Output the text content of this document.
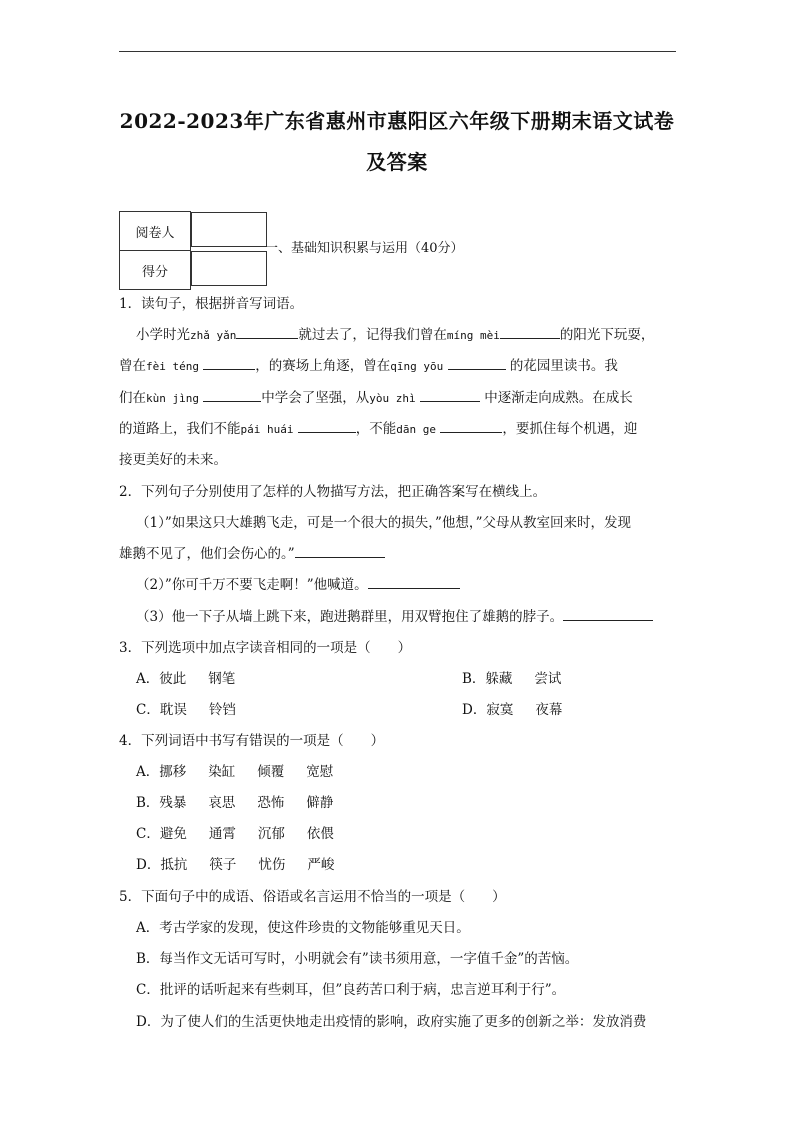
2022-2023年广东省惠州市惠阳区六年级下册期末语文试卷
及答案
阅卷人	
得分	
一、基础知识积累与运用（40分）
1．读句子，根据拼音写词语。
小学时光zhǎ yǎn	就过去了，记得我们曾在míng mèi	的阳光下玩耍，
曾在fèi téng	，的赛场上角逐，曾在qīng yōu	的花园里读书。我
们在kùn jìng	中学会了坚强，从yòu zhì	中逐渐走向成熟。在成长
的道路上，我们不能pái huái	，不能dān ge	，要抓住每个机遇，迎
接更美好的未来。
2．下列句子分别使用了怎样的人物描写方法，把正确答案写在横线上。
（1）”如果这只大雄鹅飞走，可是一个很大的损失，”他想，”父母从教室回来时，发现
雄鹅不见了，他们会伤心的。”
（2）”你可千万不要飞走啊！”他喊道。
（3）他一下子从墙上跳下来，跑进鹅群里，用双臂抱住了雄鹅的脖子。
3．下列选项中加点字读音相同的一项是（　　）
A．彼此 钢笔	B．躲藏 尝试
C．耽误 铃铛	D．寂寞 夜幕
4．下列词语中书写有错误的一项是（　　）
A．挪移 染缸 倾覆 宽慰
B．残暴 哀思 恐怖 僻静
C．避免 通霄 沉郁 依偎
D．抵抗 筷子 忧伤 严峻
5．下面句子中的成语、俗语或名言运用不恰当的一项是（　　）
A．考古学家的发现，使这件珍贵的文物能够重见天日。
B．每当作文无话可写时，小明就会有”读书须用意，一字值千金”的苦恼。
C．批评的话听起来有些刺耳，但”良药苦口利于病，忠言逆耳利于行”。
D．为了使人们的生活更快地走出疫情的影响，政府实施了更多的创新之举：发放消费
